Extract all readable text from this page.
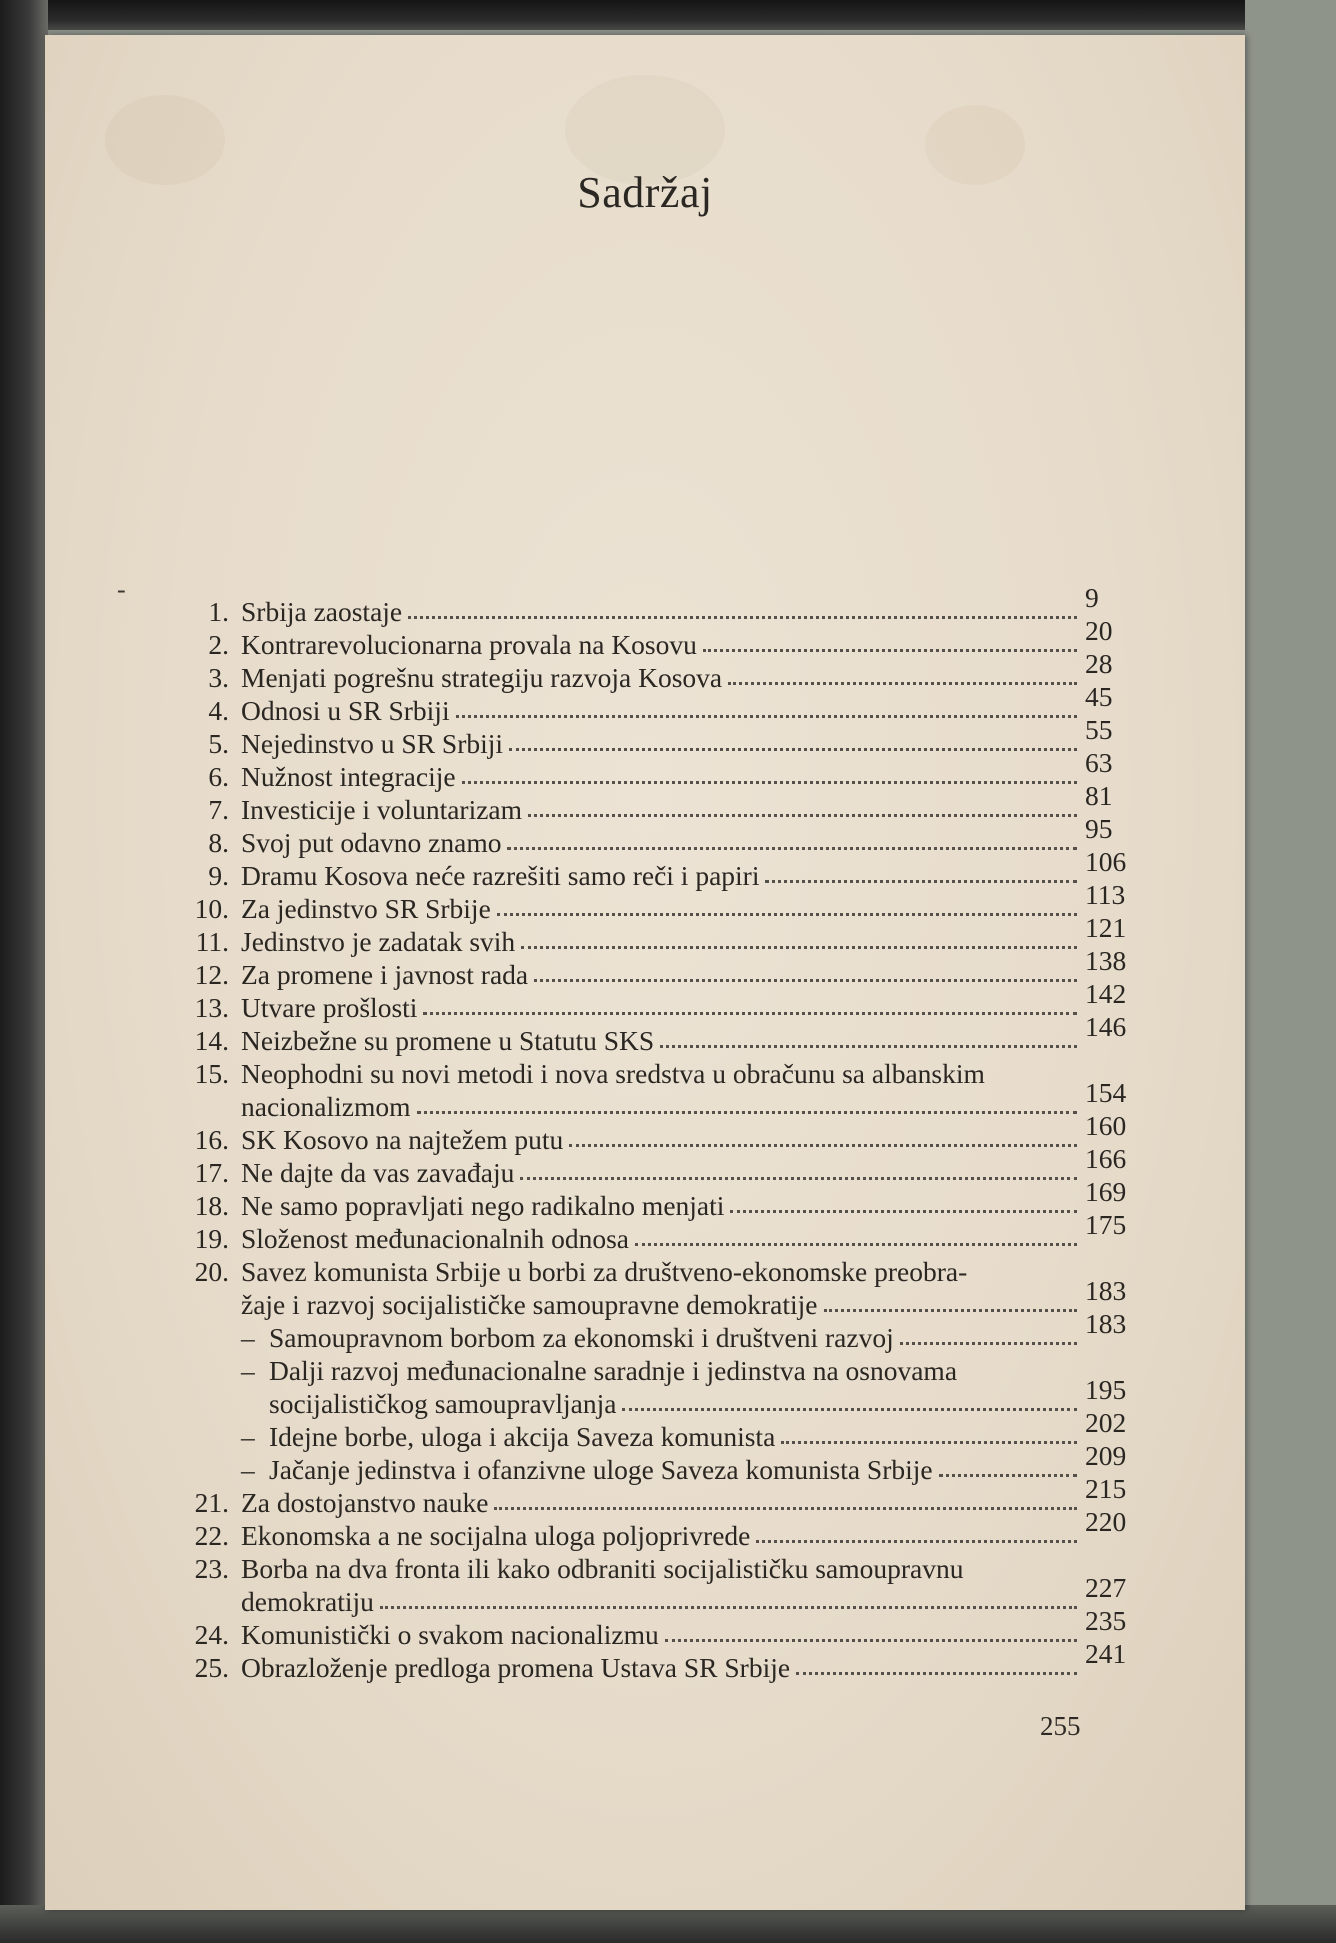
Sadržaj
-
1. Srbija zaostaje	9
2. Kontrarevolucionarna provala na Kosovu	20
3. Menjati pogrešnu strategiju razvoja Kosova	28
4. Odnosi u SR Srbiji	45
5. Nejedinstvo u SR Srbiji	55
6. Nužnost integracije	63
7. Investicije i voluntarizam	81
8. Svoj put odavno znamo	95
9. Dramu Kosova neće razrešiti samo reči i papiri	106
10. Za jedinstvo SR Srbije	113
11. Jedinstvo je zadatak svih	121
12. Za promene i javnost rada	138
13. Utvare prošlosti	142
14. Neizbežne su promene u Statutu SKS	146
15. Neophodni su novi metodi i nova sredstva u obračunu sa albanskim
nacionalizmom	154
16. SK Kosovo na najtežem putu	160
17. Ne dajte da vas zavađaju	166
18. Ne samo popravljati nego radikalno menjati	169
19. Složenost međunacionalnih odnosa	175
20. Savez komunista Srbije u borbi za društveno-ekonomske preobra-
žaje i razvoj socijalističke samoupravne demokratije	183
– Samoupravnom borbom za ekonomski i društveni razvoj	183
– Dalji razvoj međunacionalne saradnje i jedinstva na osnovama
socijalističkog samoupravljanja	195
– Idejne borbe, uloga i akcija Saveza komunista	202
– Jačanje jedinstva i ofanzivne uloge Saveza komunista Srbije	209
21. Za dostojanstvo nauke	215
22. Ekonomska a ne socijalna uloga poljoprivrede	220
23. Borba na dva fronta ili kako odbraniti socijalističku samoupravnu
demokratiju	227
24. Komunistički o svakom nacionalizmu	235
25. Obrazloženje predloga promena Ustava SR Srbije	241
255
